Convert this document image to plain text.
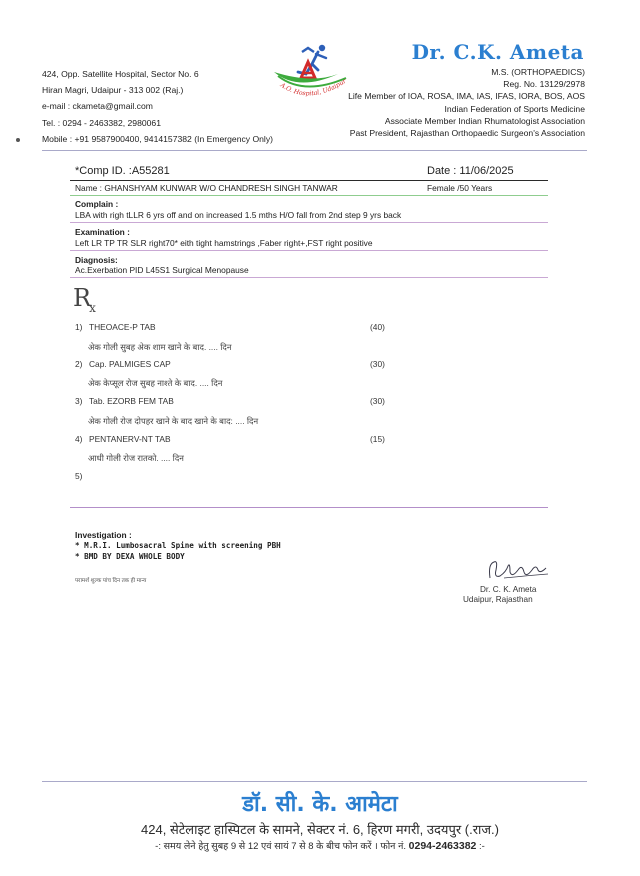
424, Opp. Satellite Hospital, Sector No. 6
Hiran Magri, Udaipur - 313 002 (Raj.)
e-mail : ckameta@gmail.com
Tel. : 0294 - 2463382, 2980061
Mobile : +91 9587900400, 9414157382 (In Emergency Only)
A.O. Hospital, Udaipur
Dr. C.K. Ameta
M.S. (ORTHOPAEDICS)
Reg. No. 13129/2978
Life Member of IOA, ROSA, IMA, IAS, IFAS, IORA, BOS, AOS
Indian Federation of Sports Medicine
Associate Member Indian Rhumatologist Association
Past President, Rajasthan Orthopaedic Surgeon's Association
*Comp ID. :A55281	Date : 11/06/2025
Name : GHANSHYAM KUNWAR W/O CHANDRESH SINGH TANWAR	Female /50 Years
Complain :
LBA with righ tLLR 6 yrs off and on increased 1.5 mths H/O fall from 2nd step 9 yrs back
Examination :
Left LR TP TR SLR right70* eith tight hamstrings ,Faber right+,FST right positive
Diagnosis:
Ac.Exerbation PID L45S1 Surgical Menopause
$R_x$
1) THEOACE-P TAB	(40)
अेक गोली सुबह अेक शाम खाने के बाद. .... दिन
2) Cap. PALMIGES CAP	(30)
अेक केप्सूल रोज सुबह नाश्ते के बाद. .... दिन
3) Tab. EZORB FEM TAB	(30)
अेक गोली रोज दोपहर खाने के बाद खाने के बाद: .... दिन
4) PENTANERV-NT TAB	(15)
आधी गोली रोज रातको. .... दिन
5)
Investigation :
* M.R.I. Lumbosacral Spine with screening PBH
* BMD BY DEXA WHOLE BODY
परामर्श शुल्क पांच दिन तक ही मान्य
Dr. C. K. Ameta
Udaipur, Rajasthan
डॉ. सी. के. आमेटा
424, सेटेलाइट हास्पिटल के सामने, सेक्टर नं. 6, हिरण मगरी, उदयपुर (.राज.)
-: समय लेने हेतु सुबह 9 से 12 एवं सायं 7 से 8 के बीच फोन करें । फोन नं. 0294-2463382 :-
